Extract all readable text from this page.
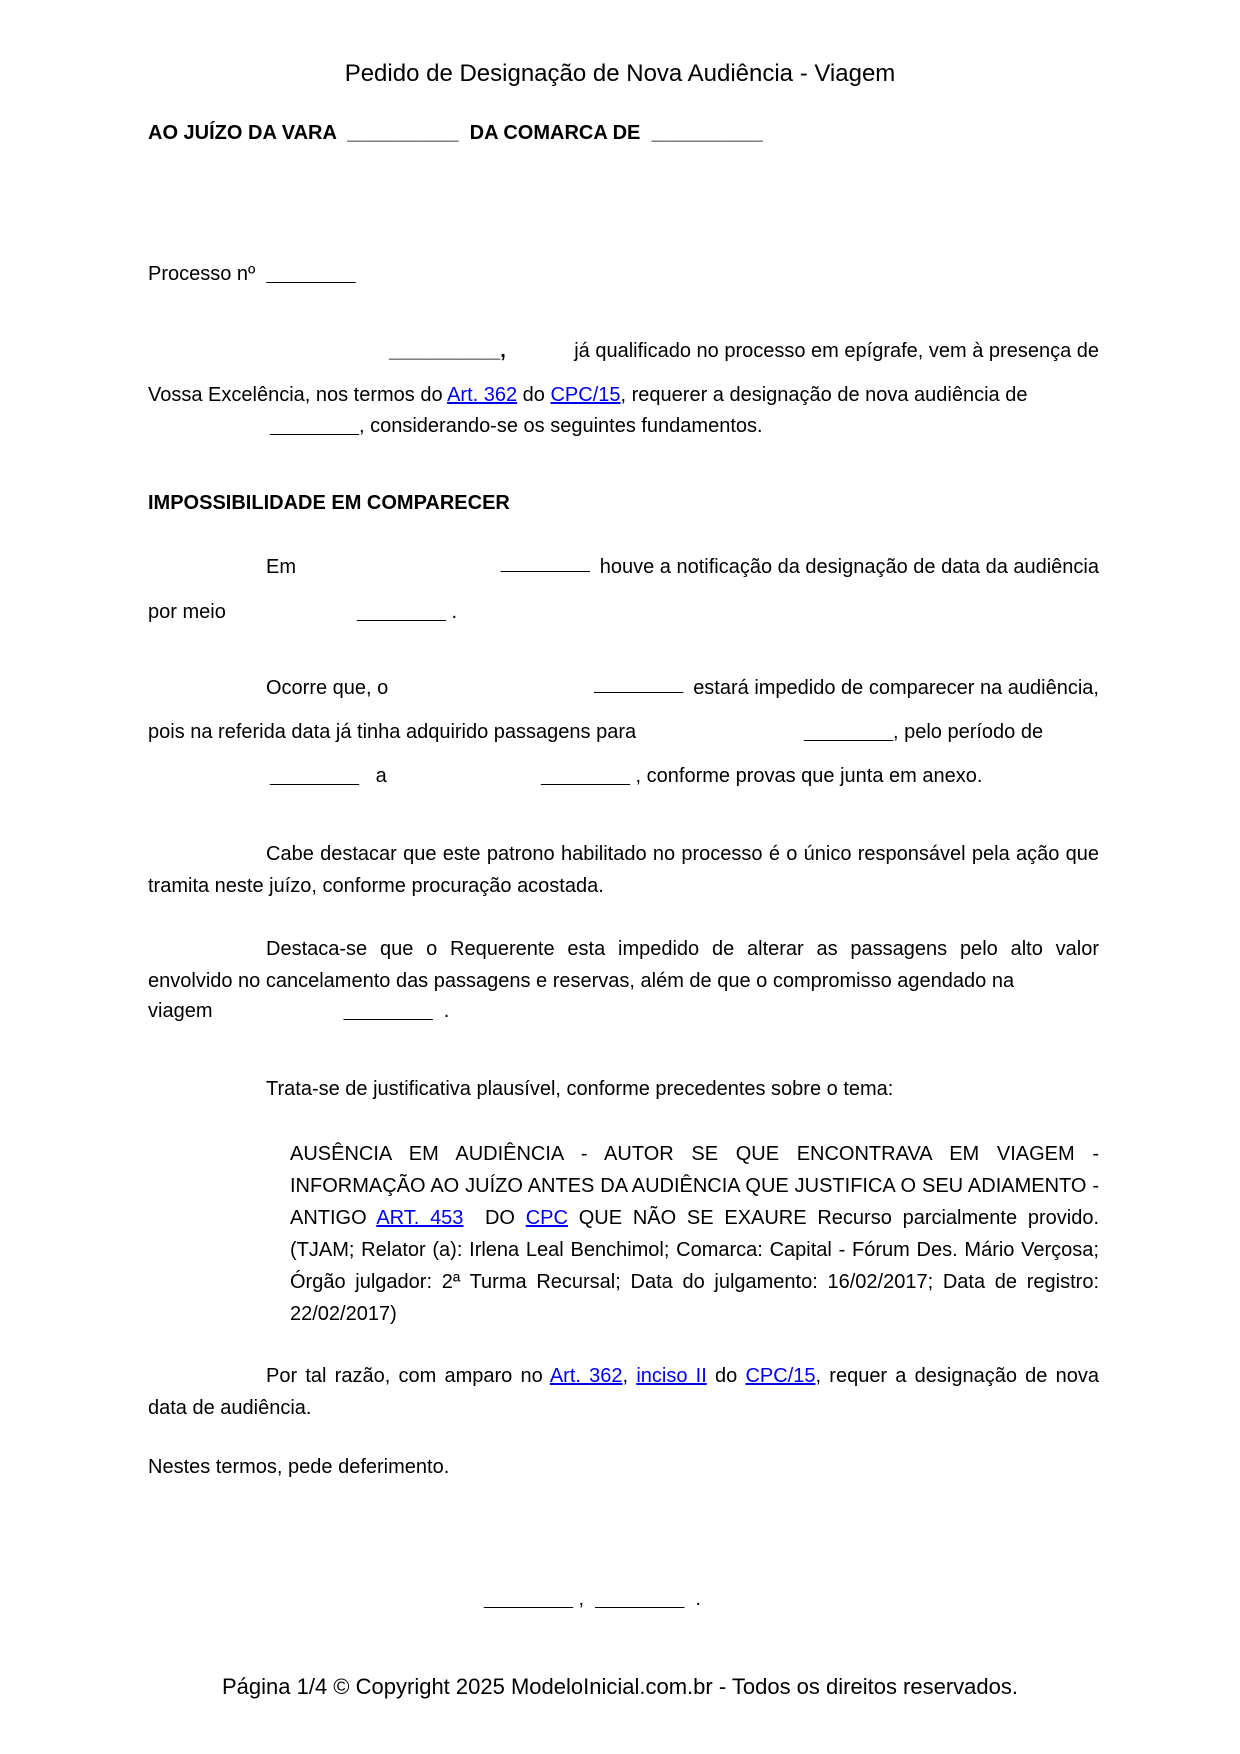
Pedido de Designação de Nova Audiência - Viagem
AO JUÍZO DA VARA __________ DA COMARCA DE __________
Processo nº __________
__________,	já qualificado no processo em epígrafe, vem à presença de
Vossa Excelência, nos termos do Art. 362 do CPC/15, requerer a designação de nova audiência de
__________, considerando-se os seguintes fundamentos.
IMPOSSIBILIDADE EM COMPARECER
Em	__________ houve a notificação da designação de data da audiência
por meio	__________ .
Ocorre que, o	__________ estará impedido de comparecer na audiência,
pois na referida data já tinha adquirido passagens para	__________, pelo período de
__________ a	__________ , conforme provas que junta em anexo.
Cabe destacar que este patrono habilitado no processo é o único responsável pela ação que tramita neste juízo, conforme procuração acostada.
Destaca-se que o Requerente esta impedido de alterar as passagens pelo alto valor envolvido no cancelamento das passagens e reservas, além de que o compromisso agendado na
viagem	__________ .
Trata-se de justificativa plausível, conforme precedentes sobre o tema:
AUSÊNCIA EM AUDIÊNCIA - AUTOR SE QUE ENCONTRAVA EM VIAGEM - INFORMAÇÃO AO JUÍZO ANTES DA AUDIÊNCIA QUE JUSTIFICA O SEU ADIAMENTO - ANTIGO ART. 453 DO CPC QUE NÃO SE EXAURE Recurso parcialmente provido. (TJAM; Relator (a): Irlena Leal Benchimol; Comarca: Capital - Fórum Des. Mário Verçosa; Órgão julgador: 2ª Turma Recursal; Data do julgamento: 16/02/2017; Data de registro: 22/02/2017)
Por tal razão, com amparo no Art. 362, inciso II do CPC/15, requer a designação de nova data de audiência.
Nestes termos, pede deferimento.
__________ , __________ .
Página 1/4 © Copyright 2025 ModeloInicial.com.br - Todos os direitos reservados.
